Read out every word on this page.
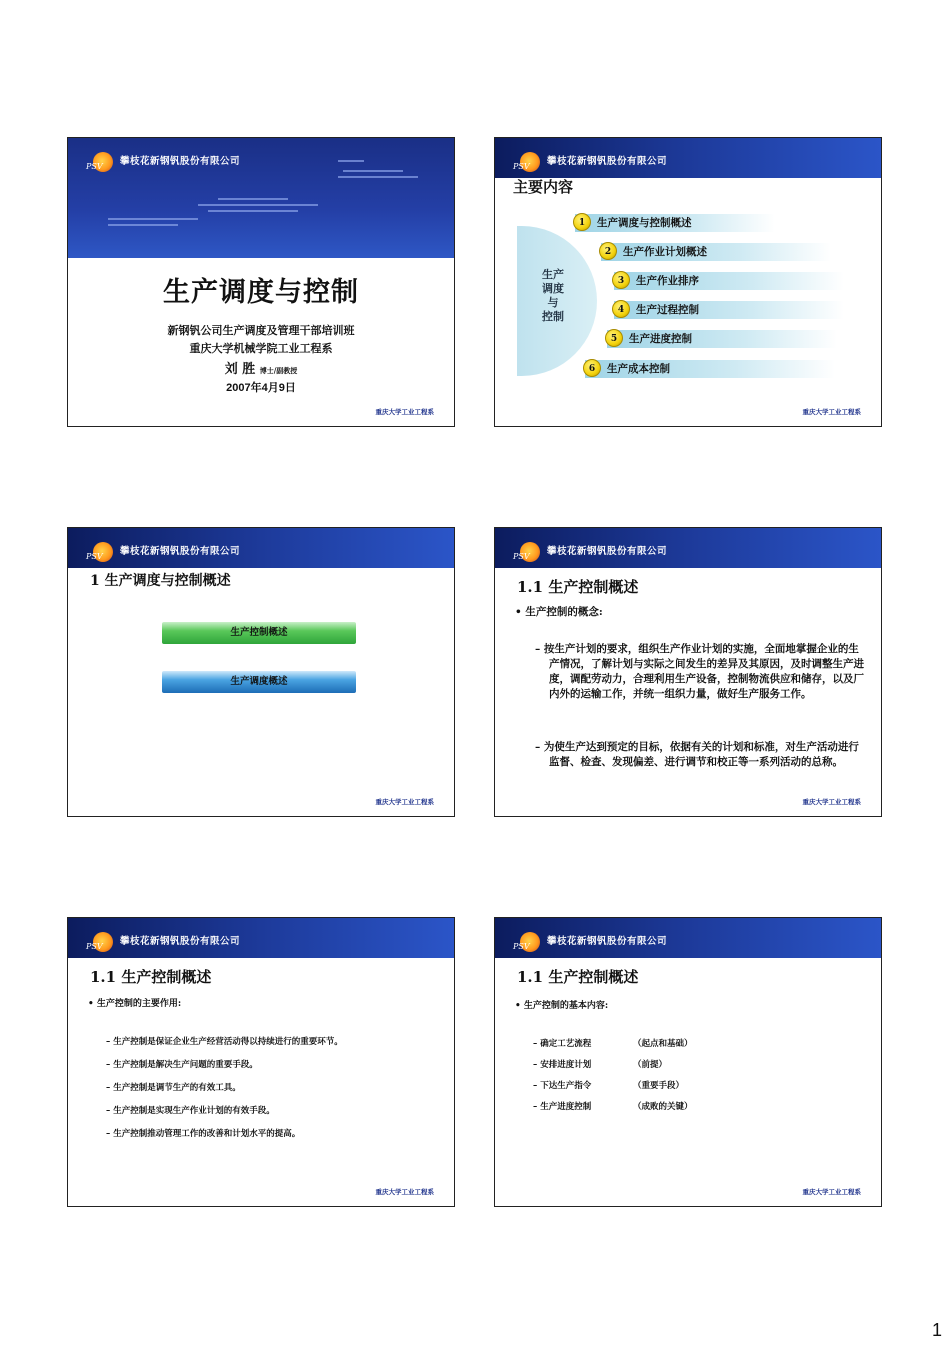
PSV 攀枝花新钢钒股份有限公司
生产调度与控制
新钢钒公司生产调度及管理干部培训班
重庆大学机械学院工业工程系
刘 胜 博士/副教授
2007年4月9日
重庆大学工业工程系
PSV 攀枝花新钢钒股份有限公司
主要内容
生产
调度
与
控制
1	生产调度与控制概述
2	生产作业计划概述
3	生产作业排序
4	生产过程控制
5	生产进度控制
6	生产成本控制
重庆大学工业工程系
PSV 攀枝花新钢钒股份有限公司
1 生产调度与控制概述
生产控制概述
生产调度概述
重庆大学工业工程系
PSV 攀枝花新钢钒股份有限公司
1.1 生产控制概述
• 生产控制的概念:
– 按生产计划的要求，组织生产作业计划的实施，全面地掌握企业的生产情况，了解计划与实际之间发生的差异及其原因，及时调整生产进度，调配劳动力，合理利用生产设备，控制物流供应和储存，以及厂内外的运输工作，并统一组织力量，做好生产服务工作。
– 为使生产达到预定的目标，依据有关的计划和标准，对生产活动进行监督、检查、发现偏差、进行调节和校正等一系列活动的总称。
重庆大学工业工程系
PSV 攀枝花新钢钒股份有限公司
1.1 生产控制概述
• 生产控制的主要作用:
– 生产控制是保证企业生产经营活动得以持续进行的重要环节。
– 生产控制是解决生产问题的重要手段。
– 生产控制是调节生产的有效工具。
– 生产控制是实现生产作业计划的有效手段。
– 生产控制推动管理工作的改善和计划水平的提高。
重庆大学工业工程系
PSV 攀枝花新钢钒股份有限公司
1.1 生产控制概述
• 生产控制的基本内容:
– 确定工艺流程	（起点和基础）
– 安排进度计划	（前提）
– 下达生产指令	（重要手段）
– 生产进度控制	（成败的关键）
重庆大学工业工程系
1
